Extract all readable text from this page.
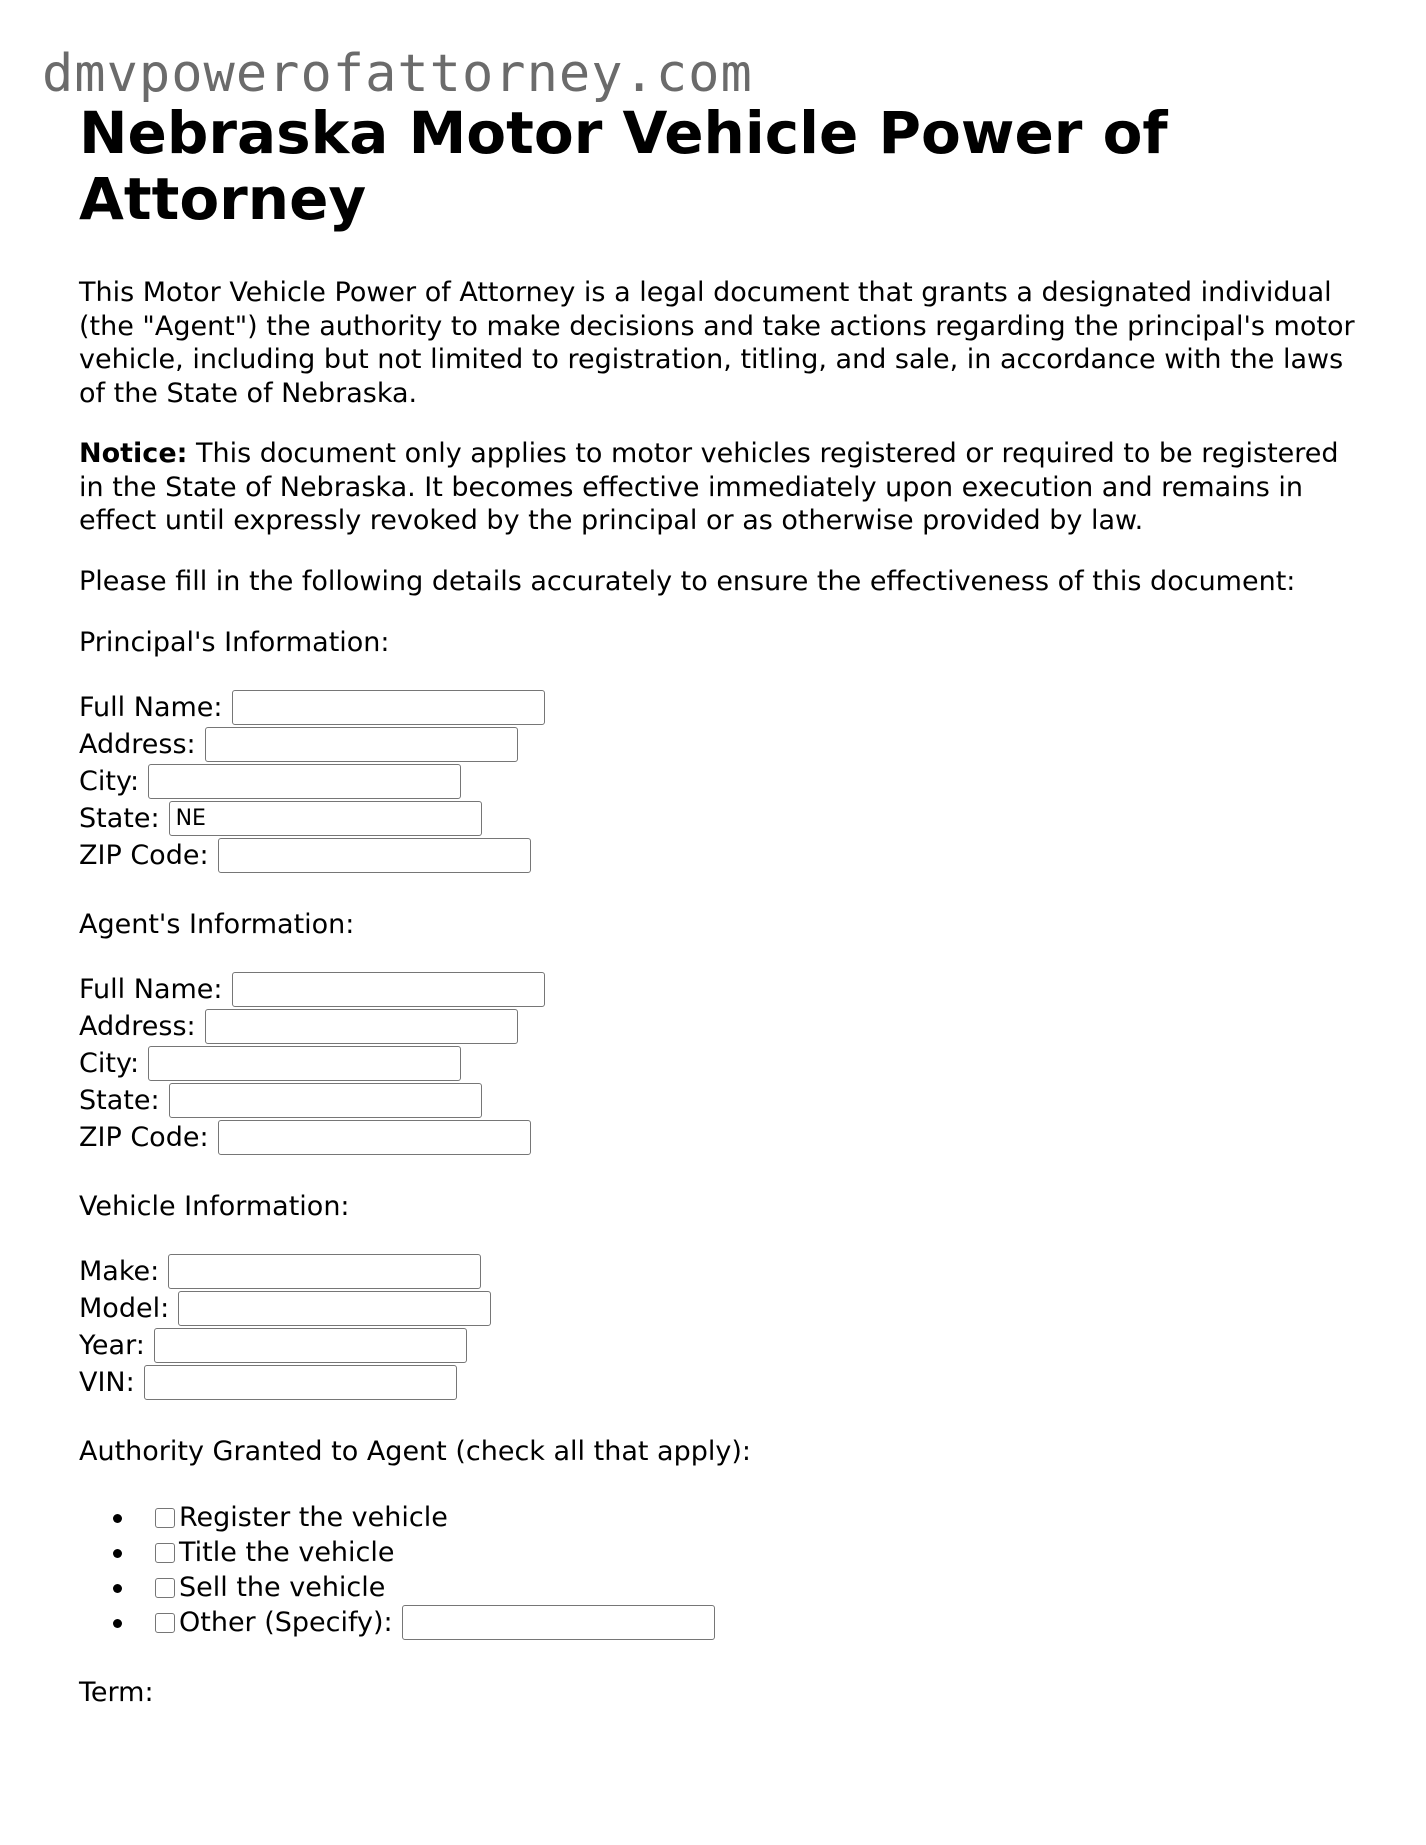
dmvpowerofattorney.com
Nebraska Motor Vehicle Power of Attorney

This Motor Vehicle Power of Attorney is a legal document that grants a designated individual (the "Agent") the authority to make decisions and take actions regarding the principal's motor vehicle, including but not limited to registration, titling, and sale, in accordance with the laws of the State of Nebraska.

Notice: This document only applies to motor vehicles registered or required to be registered in the State of Nebraska. It becomes effective immediately upon execution and remains in effect until expressly revoked by the principal or as otherwise provided by law.

Please fill in the following details accurately to ensure the effectiveness of this document:

Principal's Information:
Full Name:
Address:
City:
State:
NE
ZIP Code:
Agent's Information:
Full Name:
Address:
City:
State:
ZIP Code:
Vehicle Information:
Make:
Model:
Year:
VIN:
Authority Granted to Agent (check all that apply):
Register the vehicle
Title the vehicle
Sell the vehicle
Other (Specify):
Term:
